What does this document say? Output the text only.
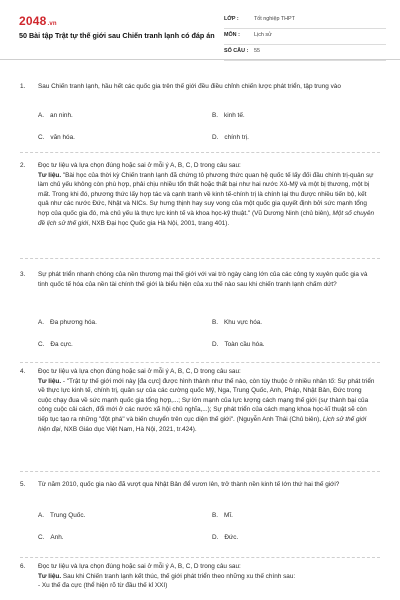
2048.vn
50 Bài tập Trật tự thế giới sau Chiến tranh lạnh có đáp án
LỚP :	Tốt nghiệp THPT
MÔN :	Lịch sử
SỐ CÂU : 55
1. Sau Chiến tranh lạnh, hầu hết các quốc gia trên thế giới đều điều chỉnh chiến lược phát triển, tập trung vào
A. an ninh.	B. kinh tế.
C. văn hóa.	D. chính trị.
2. Đọc tư liệu và lựa chọn đúng hoặc sai ở mỗi ý A, B, C, D trong câu sau:

Tư liệu. "Bài học của thời kỳ Chiến tranh lạnh đã chứng tỏ phương thức quan hệ quốc tế lấy đối đầu chính trị-quân sự làm chủ yếu không còn phù hợp, phải chịu nhiều tổn thất hoặc thất bại như hai nước Xô-Mỹ và một bị thương, một bị mất. Trong khi đó, phương thức lấy hợp tác và cạnh tranh về kinh tế-chính trị là chính lại thu được nhiều tiến bộ, kết quả như các nước Đức, Nhật và NICs. Sự hưng thịnh hay suy vong của một quốc gia quyết định bởi sức mạnh tổng hợp của quốc gia đó, mà chủ yếu là thực lực kinh tế và khoa học-kỹ thuật." (Vũ Dương Ninh (chủ biên), Một số chuyên đề lịch sử thế giới, NXB Đại học Quốc gia Hà Nội, 2001, trang 401).

3. Sự phát triển nhanh chóng của nền thương mại thế giới với vai trò ngày càng lớn của các công ty xuyên quốc gia và tinh quốc tế hóa của nền tài chính thế giới là biểu hiện của xu thế nào sau khi chiến tranh lạnh chấm dứt?
A. Đa phương hóa.	B. Khu vực hóa.
C. Đa cực.	D. Toàn cầu hóa.
4. Đọc tư liệu và lựa chọn đúng hoặc sai ở mỗi ý A, B, C, D trong câu sau:

Tư liệu. - "Trật tự thế giới mới này [đa cực] được hình thành như thế nào, còn tùy thuộc ở nhiều nhân tố: Sự phát triển về thực lực kinh tế, chính trị, quân sự của các cường quốc Mỹ, Nga, Trung Quốc, Anh, Pháp, Nhật Bản, Đức trong cuộc chạy đua về sức mạnh quốc gia tổng hợp,...; Sự lớn mạnh của lực lượng cách mạng thế giới (sự thành bại của công cuộc cải cách, đổi mới ở các nước xã hội chủ nghĩa,...); Sự phát triển của cách mạng khoa học-kĩ thuật sẽ còn tiếp tục tạo ra những "đột phá" và biến chuyển trên cục diện thế giới". (Nguyễn Anh Thái (Chủ biên), Lịch sử thế giới hiện đại, NXB Giáo dục Việt Nam, Hà Nội, 2021, tr.424).

5. Từ năm 2010, quốc gia nào đã vượt qua Nhật Bản để vươn lên, trở thành nền kinh tế lớn thứ hai thế giới?
A. Trung Quốc.	B. Mĩ.
C. Anh.	D. Đức.
6. Đọc tư liệu và lựa chọn đúng hoặc sai ở mỗi ý A, B, C, D trong câu sau:

Tư liệu. Sau khi Chiến tranh lạnh kết thúc, thế giới phát triển theo những xu thế chính sau:

- Xu thế đa cực (thể hiện rõ từ đầu thế kỉ XXI)
